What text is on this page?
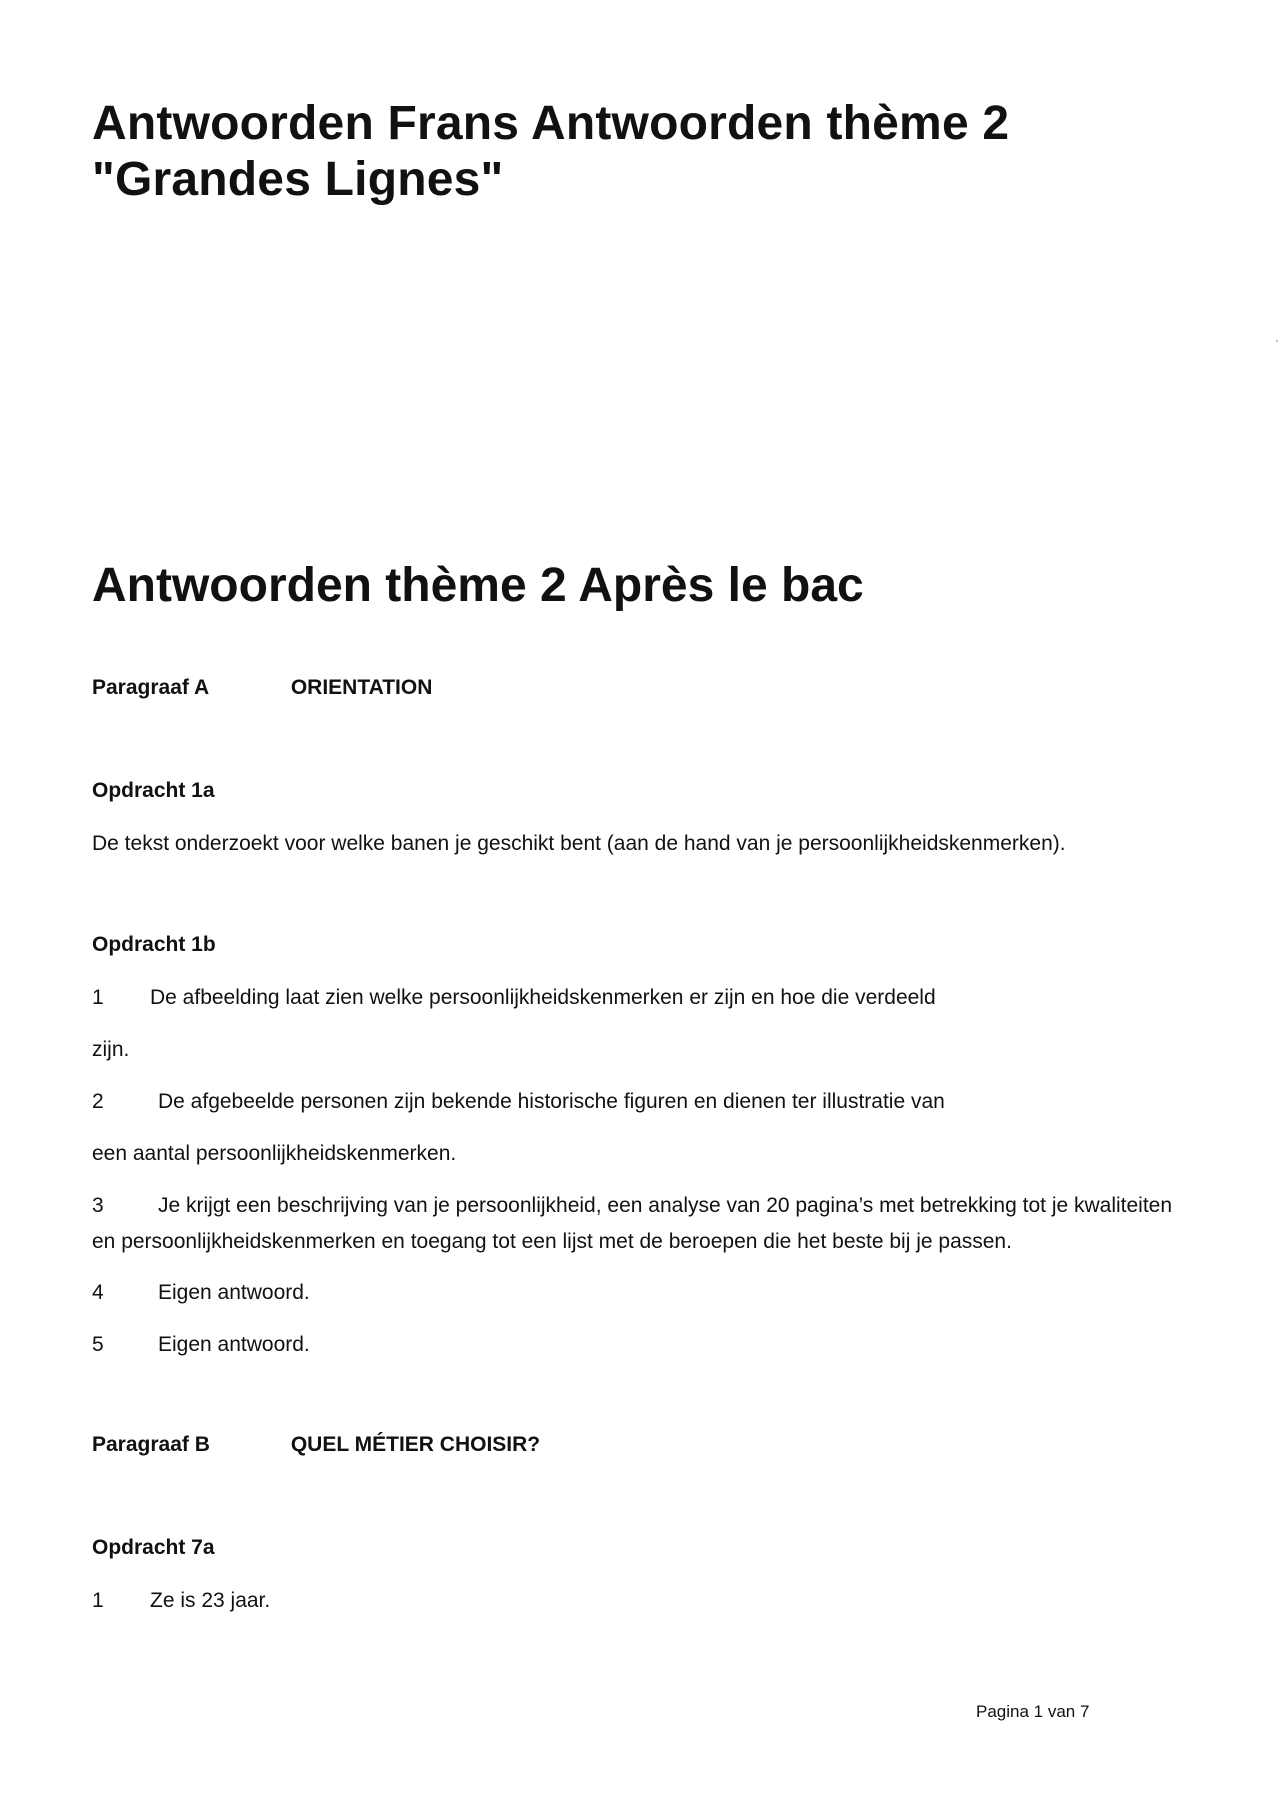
Antwoorden Frans Antwoorden thème 2
"Grandes Lignes"
Antwoorden thème 2 Après le bac
Paragraaf A	ORIENTATION
Opdracht 1a
De tekst onderzoekt voor welke banen je geschikt bent (aan de hand van je persoonlijkheidskenmerken).
Opdracht 1b
1 De afbeelding laat zien welke persoonlijkheidskenmerken er zijn en hoe die verdeeld
zijn.
2	De afgebeelde personen zijn bekende historische figuren en dienen ter illustratie van
een aantal persoonlijkheidskenmerken.
3	Je krijgt een beschrijving van je persoonlijkheid, een analyse van 20 pagina’s met betrekking tot je kwaliteiten
en persoonlijkheidskenmerken en toegang tot een lijst met de beroepen die het beste bij je passen.
4	Eigen antwoord.
5	Eigen antwoord.
Paragraaf B	QUEL MÉTIER CHOISIR?
Opdracht 7a
1 Ze is 23 jaar.
Pagina 1 van 7
